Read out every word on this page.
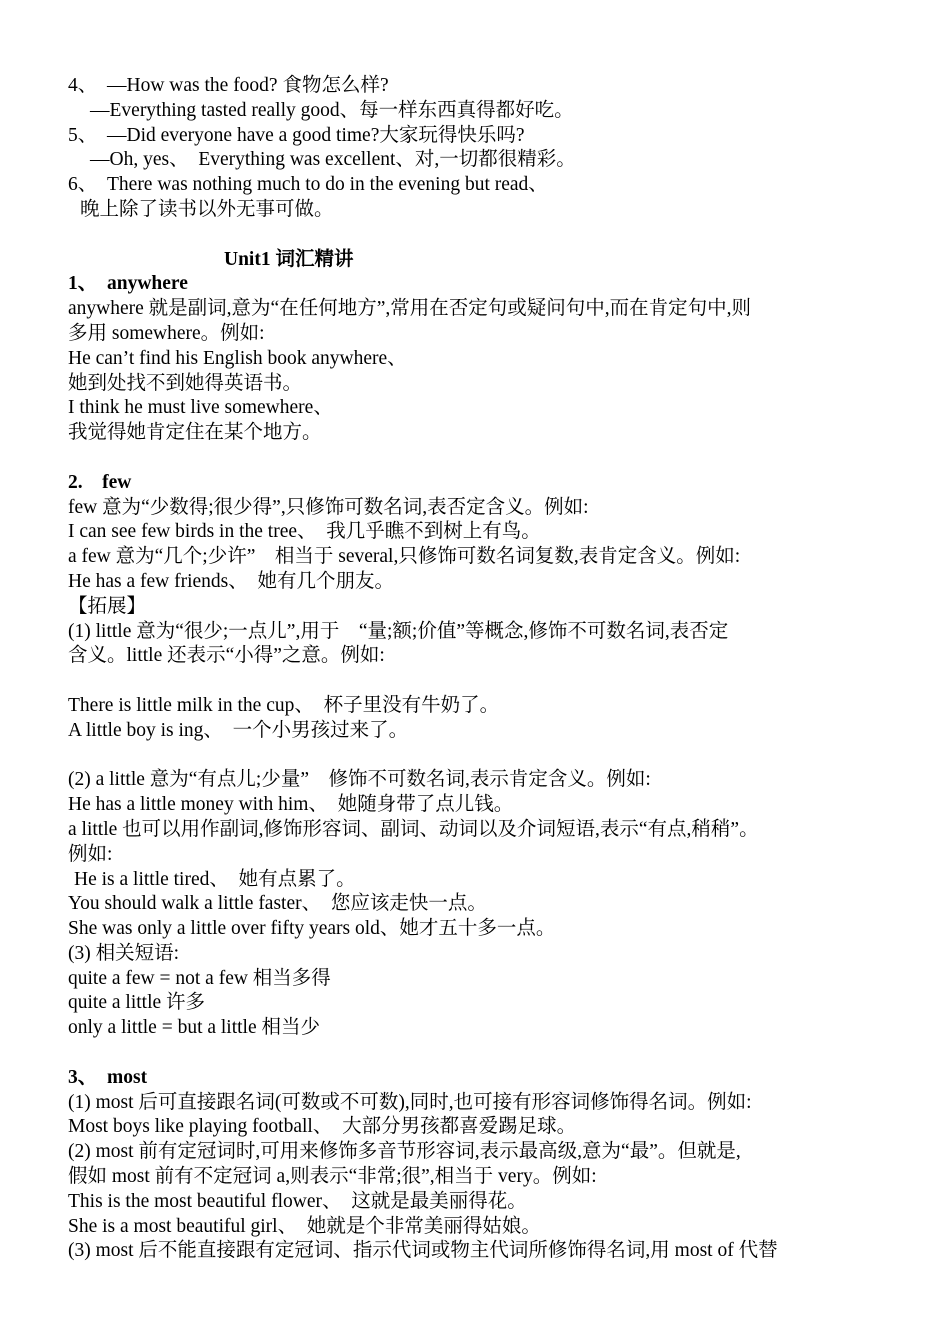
4、　—How was the food? 食物怎么样?
—Everything tasted really good、每一样东西真得都好吃。
5、　—Did everyone have a good time?大家玩得快乐吗?
—Oh, yes、　Everything was excellent、对,一切都很精彩。
6、　There was nothing much to do in the evening but read、
晚上除了读书以外无事可做。
Unit1 词汇精讲
1、　anywhere
anywhere 就是副词,意为“在任何地方”,常用在否定句或疑问句中,而在肯定句中,则
多用 somewhere。例如:
He can’t find his English book anywhere、
她到处找不到她得英语书。
I think he must live somewhere、
我觉得她肯定住在某个地方。
2.　few
few 意为“少数得;很少得”,只修饰可数名词,表否定含义。例如:
I can see few birds in the tree、　我几乎瞧不到树上有鸟。
a few 意为“几个;少许”　相当于 several,只修饰可数名词复数,表肯定含义。例如:
He has a few friends、　她有几个朋友。
【拓展】
(1) little 意为“很少;一点儿”,用于　“量;额;价值”等概念,修饰不可数名词,表否定
含义。little 还表示“小得”之意。例如:
There is little milk in the cup、　杯子里没有牛奶了。
A little boy is ing、　一个小男孩过来了。
(2) a little 意为“有点儿;少量”　修饰不可数名词,表示肯定含义。例如:
He has a little money with him、　她随身带了点儿钱。
a little 也可以用作副词,修饰形容词、副词、动词以及介词短语,表示“有点,稍稍”。
例如:
He is a little tired、　她有点累了。
You should walk a little faster、　您应该走快一点。
She was only a little over fifty years old、她才五十多一点。
(3) 相关短语:
quite a few = not a few 相当多得
quite a little 许多
only a little = but a little 相当少
3、　most
(1) most 后可直接跟名词(可数或不可数),同时,也可接有形容词修饰得名词。例如:
Most boys like playing football、　大部分男孩都喜爱踢足球。
(2) most 前有定冠词时,可用来修饰多音节形容词,表示最高级,意为“最”。但就是,
假如 most 前有不定冠词 a,则表示“非常;很”,相当于 very。例如:
This is the most beautiful flower、　这就是最美丽得花。
She is a most beautiful girl、　她就是个非常美丽得姑娘。
(3) most 后不能直接跟有定冠词、指示代词或物主代词所修饰得名词,用 most of 代替
